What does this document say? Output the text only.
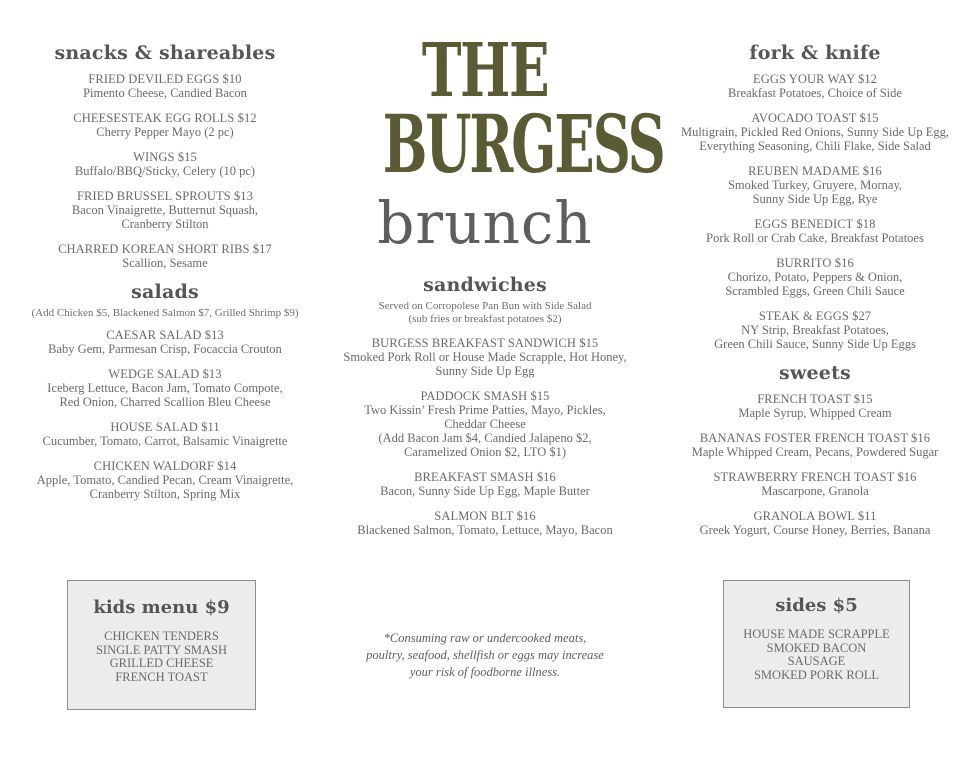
snacks & shareables
FRIED DEVILED EGGS $10
Pimento Cheese, Candied Bacon
CHEESESTEAK EGG ROLLS $12
Cherry Pepper Mayo (2 pc)
WINGS $15
Buffalo/BBQ/Sticky, Celery (10 pc)
FRIED BRUSSEL SPROUTS $13
Bacon Vinaigrette, Butternut Squash,
Cranberry Stilton
CHARRED KOREAN SHORT RIBS $17
Scallion, Sesame
salads
(Add Chicken $5, Blackened Salmon $7, Grilled Shrimp $9)
CAESAR SALAD $13
Baby Gem, Parmesan Crisp, Focaccia Crouton
WEDGE SALAD $13
Iceberg Lettuce, Bacon Jam, Tomato Compote,
Red Onion, Charred Scallion Bleu Cheese
HOUSE SALAD $11
Cucumber, Tomato, Carrot, Balsamic Vinaigrette
CHICKEN WALDORF $14
Apple, Tomato, Candied Pecan, Cream Vinaigrette,
Cranberry Stilton, Spring Mix
kids menu $9
CHICKEN TENDERS
SINGLE PATTY SMASH
GRILLED CHEESE
FRENCH TOAST
THE
BURGESS
brunch
sandwiches
Served on Corropolese Pan Bun with Side Salad
(sub fries or breakfast potatoes $2)
BURGESS BREAKFAST SANDWICH $15
Smoked Pork Roll or House Made Scrapple, Hot Honey,
Sunny Side Up Egg
PADDOCK SMASH $15
Two Kissin’ Fresh Prime Patties, Mayo, Pickles,
Cheddar Cheese
(Add Bacon Jam $4, Candied Jalapeno $2,
Caramelized Onion $2, LTO $1)
BREAKFAST SMASH $16
Bacon, Sunny Side Up Egg, Maple Butter
SALMON BLT $16
Blackened Salmon, Tomato, Lettuce, Mayo, Bacon
*Consuming raw or undercooked meats,
poultry, seafood, shellfish or eggs may increase
your risk of foodborne illness.
fork & knife
EGGS YOUR WAY $12
Breakfast Potatoes, Choice of Side
AVOCADO TOAST $15
Multigrain, Pickled Red Onions, Sunny Side Up Egg,
Everything Seasoning, Chili Flake, Side Salad
REUBEN MADAME $16
Smoked Turkey, Gruyere, Mornay,
Sunny Side Up Egg, Rye
EGGS BENEDICT $18
Pork Roll or Crab Cake, Breakfast Potatoes
BURRITO $16
Chorizo, Potato, Peppers & Onion,
Scrambled Eggs, Green Chili Sauce
STEAK & EGGS $27
NY Strip, Breakfast Potatoes,
Green Chili Sauce, Sunny Side Up Eggs
sweets
FRENCH TOAST $15
Maple Syrup, Whipped Cream
BANANAS FOSTER FRENCH TOAST $16
Maple Whipped Cream, Pecans, Powdered Sugar
STRAWBERRY FRENCH TOAST $16
Mascarpone, Granola
GRANOLA BOWL $11
Greek Yogurt, Course Honey, Berries, Banana
sides $5
HOUSE MADE SCRAPPLE
SMOKED BACON
SAUSAGE
SMOKED PORK ROLL
